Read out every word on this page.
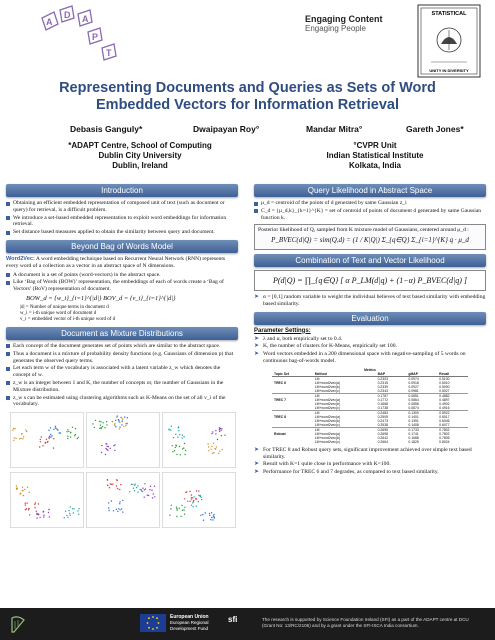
A
D A
P
T
Engaging Content
Engaging People
STATISTICAL
UNITY IN DIVERSITY
Representing Documents and Queries as Sets of Word
Embedded Vectors for Information Retrieval
Debasis Ganguly*	Dwaipayan Roy°	Mandar Mitra°	Gareth Jones*
*ADAPT Centre, School of Computing
Dublin City University
Dublin, Ireland
°CVPR Unit
Indian Statistical Institute
Kolkata, India
Introduction
Obtaining an efficient embedded representation of composed unit of text (such as document or query) for retrieval, is a difficult problem.
We introduce a set-based embedded representation to exploit word embeddings for information retrieval.
Set distance based measures applied to obtain the similarity between query and document.
Beyond Bag of Words Model
Word2Vec: A word embedding technique based on Recurrent Neural Network (RNN) represents every word of a collection as a vector in an abstract space of N dimensions.
A document is a set of points (word-vectors) in the abstract space.
Like ‘Bag of Words (BOW)’ representation, the embeddings of each of words create a ‘Bag of Vectors’ (BoV) representation of document.
BOW_d = {w_i}_{i=1}^{|d|} BOV_d = {v_i}_{i=1}^{|d|}
|d| = Number of unique terms in document d
w_i = i-th unique word of document d
v_i = embedded vector of i-th unique word of d
Document as Mixture Distributions
Each concept of the document generates set of points which are similar to the abstract space.
Thus a document is a mixture of probability density functions (e.g. Gaussians of dimension p) that generates the observed query terms.
Let each term w of the vocabulary is associated with a latent variable z_w which denotes the concept of w.
z_w is an integer between 1 and K, the number of concepts or, the number of Gaussians in the Mixture distribution.
z_w s can be estimated using clustering algorithms such as K-Means on the set of all v_i of the vocabulary.
Query Likelihood in Abstract Space
μ_d = centroid of the points of d generated by same Gaussian z_i
C_d = {μ_d,k}_{k=1}^{K} = set of centroid of points of document d generated by same Gaussian function k.
Posterior likelihood of Q, sampled from K mixture model of Gaussians, centered around μ_d :
P_BVEC(d|Q) = sim(Q,d) = (1 / K|Q|) Σ_{q∈Q} Σ_{i=1}^{K} q · μ_d
Combination of Text and Vector Likelihood
P(d|Q) = ∏_{q∈Q} [ α P_LM(d|q) + (1−α) P_BVEC(d|q) ]
➤ α = [0,1] random variable to weight the individual believes of text based similarity with embedding based similarity.
Evaluation
Parameter Settings:
➤ λ and α, both empirically set to 0.4.
➤ K, the number of clusters for K-Means, empirically set 100.
➤ Word vectors embedded in a 200 dimensional space with negative-sampling of 5 words on continuous bag-of-words model.
Metrics				
Topic Set	Method	MAP	gMAP	Recall
	LM	0.2303	0.0974	0.5100
TREC 6	LM+word2vec(a)	0.2315	0.0918	0.5010
	LM+word2vec(b)	0.2339	0.0927	0.5000
	LM+word2vec(c)	0.2343	0.0981	0.5027
	LM	0.1787	0.0851	0.4882
TREC 7	LM+word2vec(a)	0.1772	0.0864	0.4897
	LM+word2vec(b)	0.1668	0.0858	0.4902
	LM+word2vec(c)	0.1738	0.0874	0.4916
	LM	0.2483	0.1300	0.5922
TREC 8	LM+word2vec(a)	0.2505	0.1401	0.6017
	LM+word2vec(b)	0.2473	0.1391	0.6046
	LM+word2vec(c)	0.2538	0.1408	0.6077
	LM	0.2695	0.1733	0.7802
Robust	LM+word2vec(a)	0.2698	0.1741	0.7802
	LM+word2vec(b)	0.2642	0.1688	0.7805
	LM+word2vec(c)	0.2664	0.1825	0.8024
➤ For TREC 8 and Robust query sets, significant improvement achieved over simple text based similarity.
➤ Result with K=1 quite close in performance with K=100.
➤ Performance for TREC 6 and 7 degrades, as compared to text based similarity.
European Union
European Regional
Development Fund
sfi	The research is supported by Science Foundation Ireland (SFI) as a part of the ADAPT centre at DCU
(Grant No: 13/RC/2106) and by a grant under the SFI-ISCA India consortium.
